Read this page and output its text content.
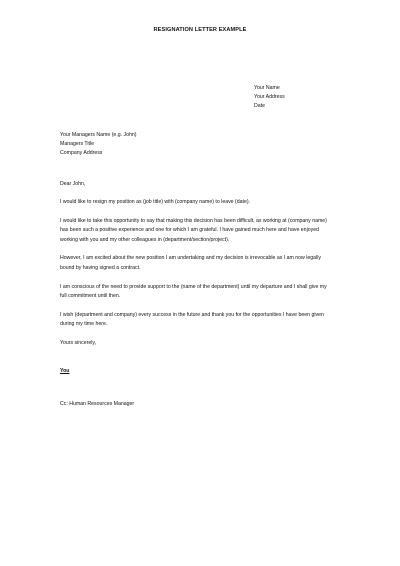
RESIGNATION LETTER EXAMPLE
Your Name
Your Address
Date
Your Managers Name (e.g. John)
Managers Title
Company Address

Dear John,

I would like to resign my position as (job title) with (company name) to leave (date).

I would like to take this opportunity to say that making this decision has been difficult, as working at (company name)
has been such a positive experience and one for which I am grateful. I have gained much here and have enjoyed
working with you and my other colleagues in (department/section/project).

However, I am excited about the new position I am undertaking and my decision is irrevocable as I am now legally
bound by having signed a contract.

I am conscious of the need to provide support to the (name of the department) until my departure and I shall give my
full commitment until then.

I wish (department and company) every success in the future and thank you for the opportunities I have been given
during my time here.

Yours sincerely,

You
Cc: Human Resources Manager
